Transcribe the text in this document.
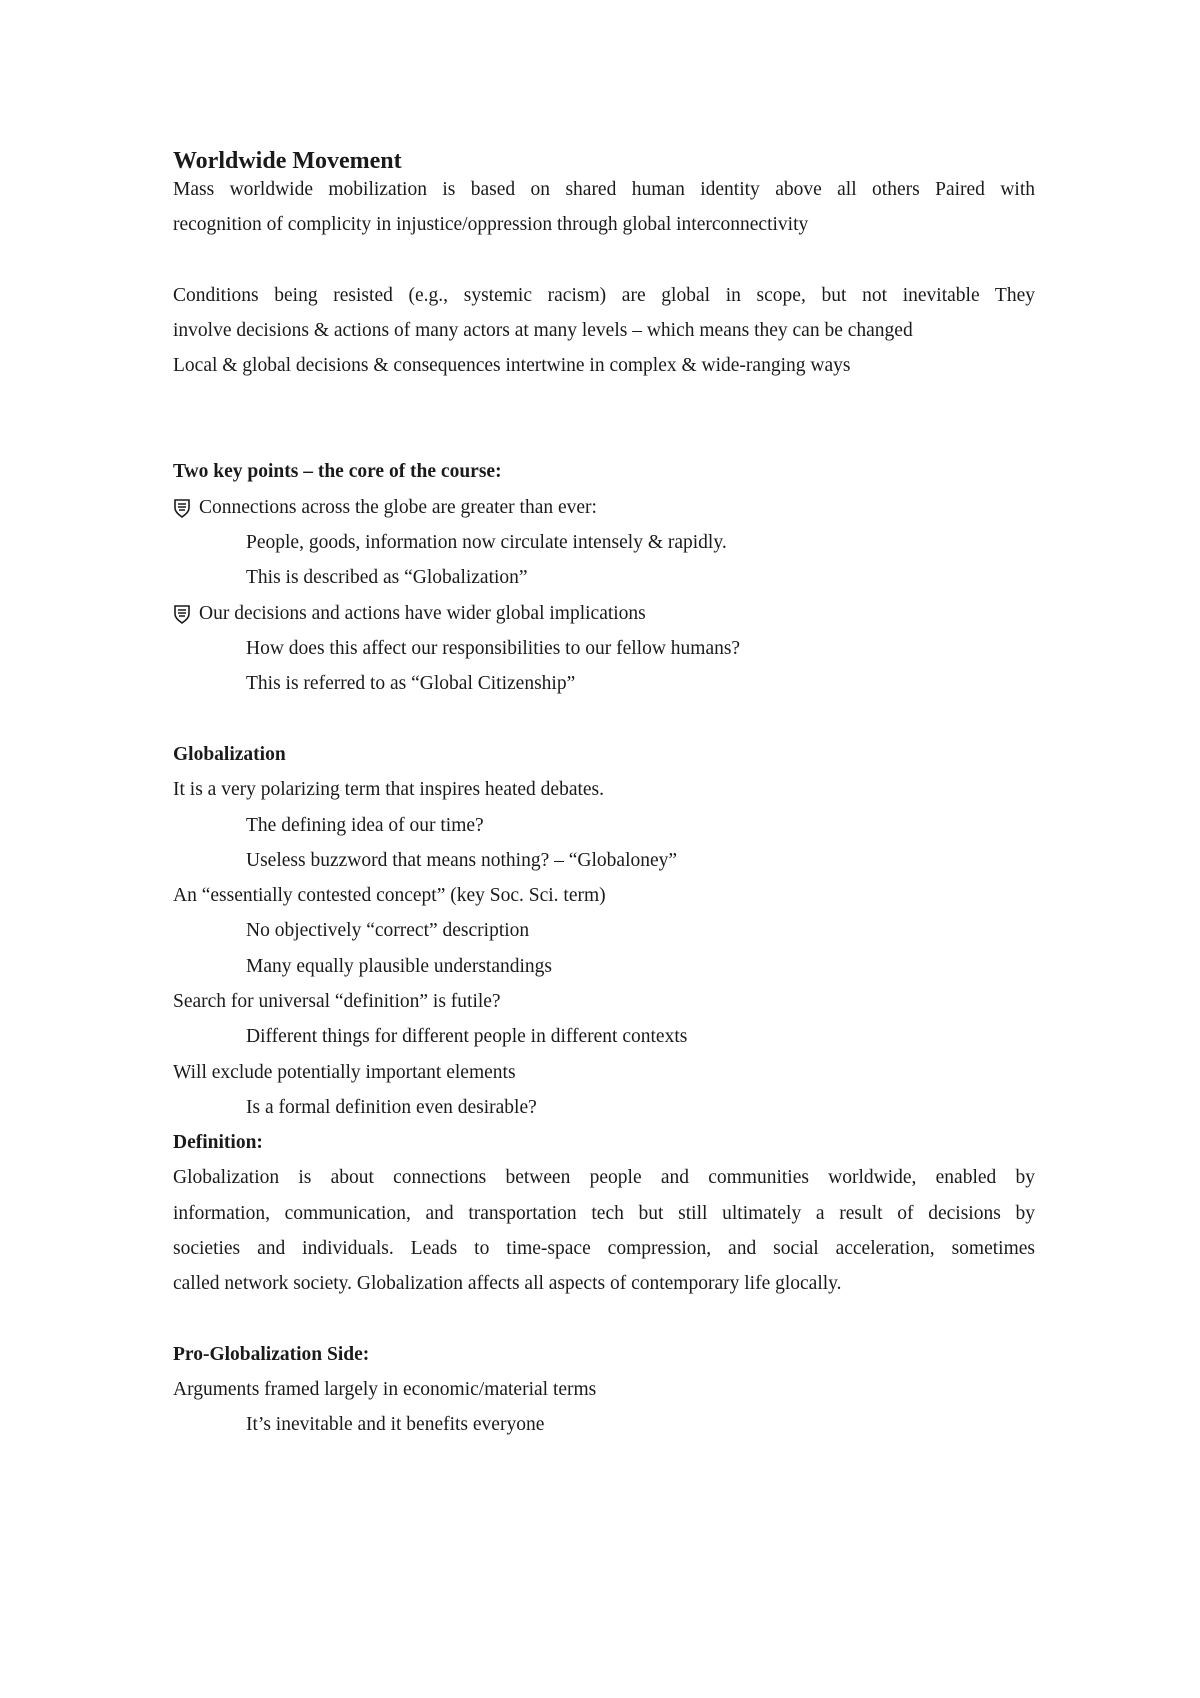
Worldwide Movement
Mass worldwide mobilization is based on shared human identity above all others Paired with
recognition of complicity in injustice/oppression through global interconnectivity
Conditions being resisted (e.g., systemic racism) are global in scope, but not inevitable They
involve decisions & actions of many actors at many levels – which means they can be changed
Local & global decisions & consequences intertwine in complex & wide-ranging ways
Two key points – the core of the course:
Connections across the globe are greater than ever:
People, goods, information now circulate intensely & rapidly.
This is described as “Globalization”
Our decisions and actions have wider global implications
How does this affect our responsibilities to our fellow humans?
This is referred to as “Global Citizenship”
Globalization
It is a very polarizing term that inspires heated debates.
The defining idea of our time?
Useless buzzword that means nothing? – “Globaloney”
An “essentially contested concept” (key Soc. Sci. term)
No objectively “correct” description
Many equally plausible understandings
Search for universal “definition” is futile?
Different things for different people in different contexts
Will exclude potentially important elements
Is a formal definition even desirable?
Definition:
Globalization is about connections between people and communities worldwide, enabled by
information, communication, and transportation tech but still ultimately a result of decisions by
societies and individuals. Leads to time-space compression, and social acceleration, sometimes
called network society. Globalization affects all aspects of contemporary life glocally.
Pro-Globalization Side:
Arguments framed largely in economic/material terms
It’s inevitable and it benefits everyone
